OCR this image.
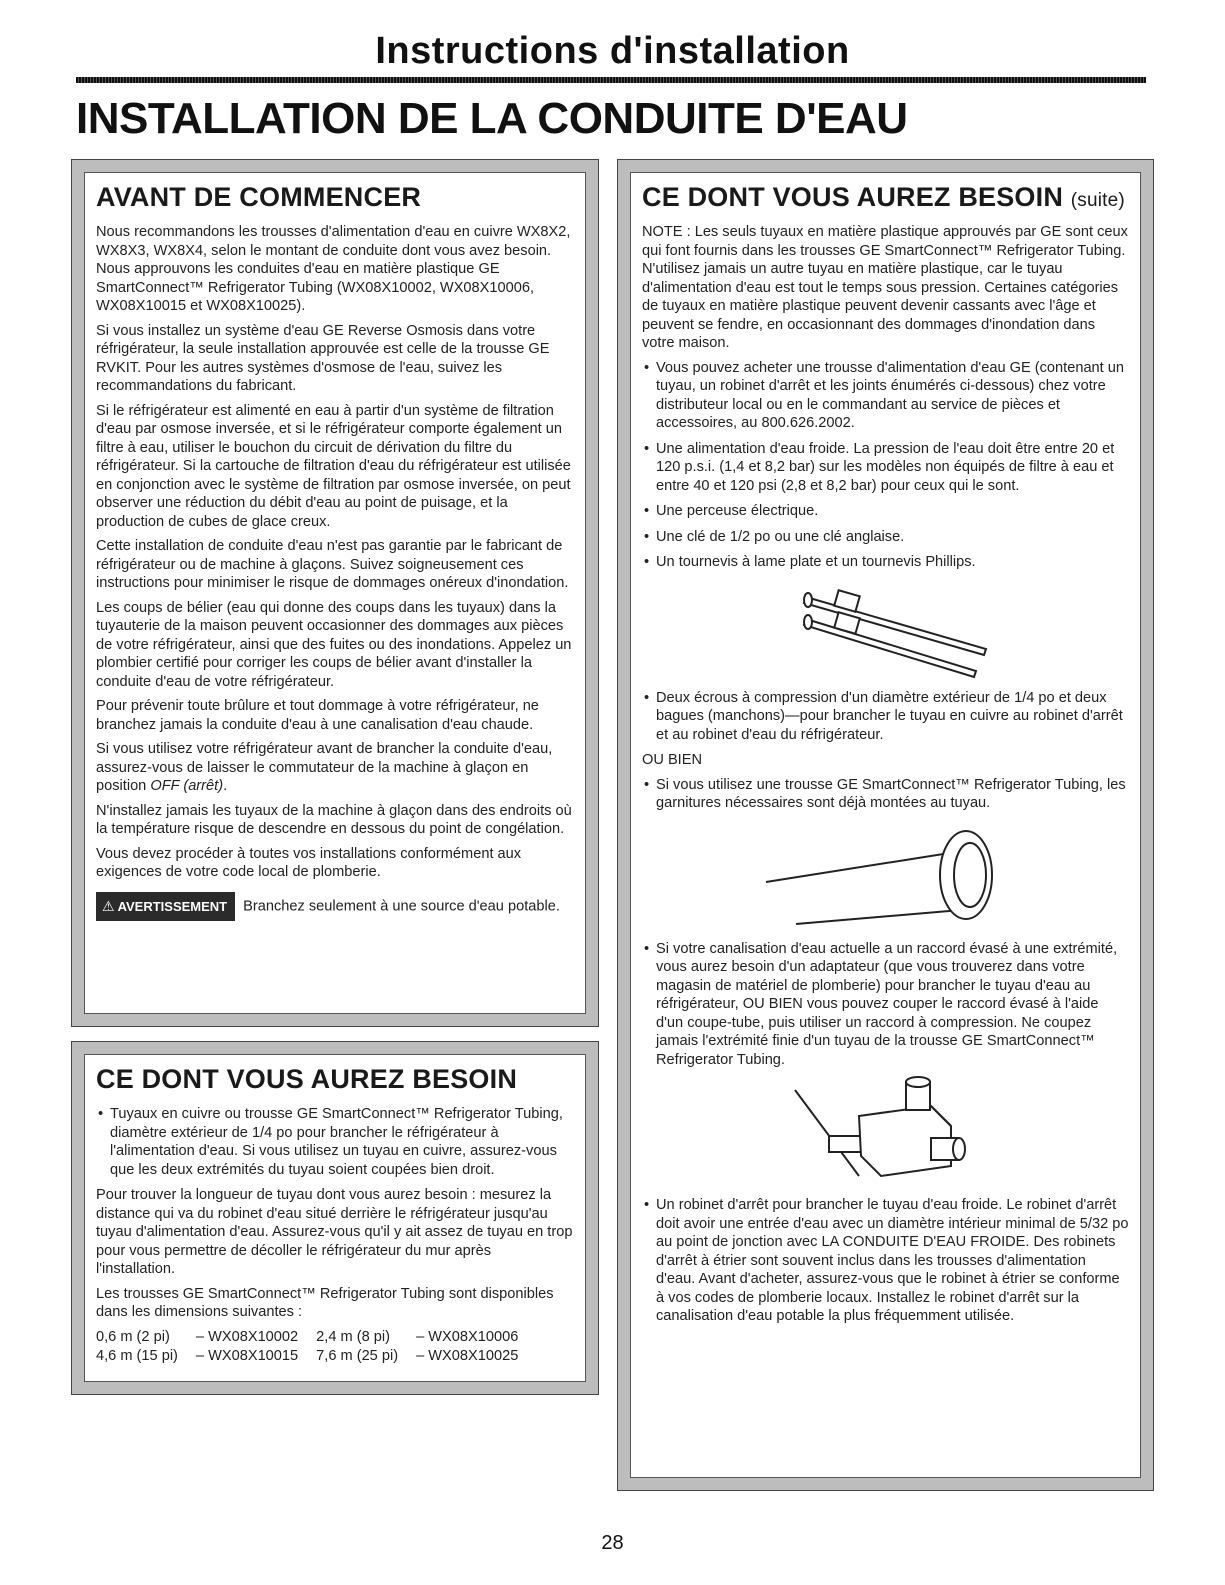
Instructions d'installation
INSTALLATION DE LA CONDUITE D'EAU
AVANT DE COMMENCER

Nous recommandons les trousses d'alimentation d'eau en cuivre WX8X2, WX8X3, WX8X4, selon le montant de conduite dont vous avez besoin. Nous approuvons les conduites d'eau en matière plastique GE SmartConnect™ Refrigerator Tubing (WX08X10002, WX08X10006, WX08X10015 et WX08X10025).

Si vous installez un système d'eau GE Reverse Osmosis dans votre réfrigérateur, la seule installation approuvée est celle de la trousse GE RVKIT. Pour les autres systèmes d'osmose de l'eau, suivez les recommandations du fabricant.

Si le réfrigérateur est alimenté en eau à partir d'un système de filtration d'eau par osmose inversée, et si le réfrigérateur comporte également un filtre à eau, utiliser le bouchon du circuit de dérivation du filtre du réfrigérateur. Si la cartouche de filtration d'eau du réfrigérateur est utilisée en conjonction avec le système de filtration par osmose inversée, on peut observer une réduction du débit d'eau au point de puisage, et la production de cubes de glace creux.

Cette installation de conduite d'eau n'est pas garantie par le fabricant de réfrigérateur ou de machine à glaçons. Suivez soigneusement ces instructions pour minimiser le risque de dommages onéreux d'inondation.

Les coups de bélier (eau qui donne des coups dans les tuyaux) dans la tuyauterie de la maison peuvent occasionner des dommages aux pièces de votre réfrigérateur, ainsi que des fuites ou des inondations. Appelez un plombier certifié pour corriger les coups de bélier avant d'installer la conduite d'eau de votre réfrigérateur.

Pour prévenir toute brûlure et tout dommage à votre réfrigérateur, ne branchez jamais la conduite d'eau à une canalisation d'eau chaude.

Si vous utilisez votre réfrigérateur avant de brancher la conduite d'eau, assurez-vous de laisser le commutateur de la machine à glaçon en position OFF (arrêt).

N'installez jamais les tuyaux de la machine à glaçon dans des endroits où la température risque de descendre en dessous du point de congélation.

Vous devez procéder à toutes vos installations conformément aux exigences de votre code local de plomberie.

⚠ AVERTISSEMENT Branchez seulement à une source d'eau potable.
CE DONT VOUS AUREZ BESOIN
• Tuyaux en cuivre ou trousse GE SmartConnect™ Refrigerator Tubing, diamètre extérieur de 1/4 po pour brancher le réfrigérateur à l'alimentation d'eau. Si vous utilisez un tuyau en cuivre, assurez-vous que les deux extrémités du tuyau soient coupées bien droit.

Pour trouver la longueur de tuyau dont vous aurez besoin : mesurez la distance qui va du robinet d'eau situé derrière le réfrigérateur jusqu'au tuyau d'alimentation d'eau. Assurez-vous qu'il y ait assez de tuyau en trop pour vous permettre de décoller le réfrigérateur du mur après l'installation.

Les trousses GE SmartConnect™ Refrigerator Tubing sont disponibles dans les dimensions suivantes :

0,6 m (2 pi)	– WX08X10002	2,4 m (8 pi)	– WX08X10006
4,6 m (15 pi)	– WX08X10015	7,6 m (25 pi)	– WX08X10025
CE DONT VOUS AUREZ BESOIN (suite)

NOTE : Les seuls tuyaux en matière plastique approuvés par GE sont ceux qui font fournis dans les trousses GE SmartConnect™ Refrigerator Tubing. N'utilisez jamais un autre tuyau en matière plastique, car le tuyau d'alimentation d'eau est tout le temps sous pression. Certaines catégories de tuyaux en matière plastique peuvent devenir cassants avec l'âge et peuvent se fendre, en occasionnant des dommages d'inondation dans votre maison.

• Vous pouvez acheter une trousse d'alimentation d'eau GE (contenant un tuyau, un robinet d'arrêt et les joints énumérés ci-dessous) chez votre distributeur local ou en le commandant au service de pièces et accessoires, au 800.626.2002.
• Une alimentation d'eau froide. La pression de l'eau doit être entre 20 et 120 p.s.i. (1,4 et 8,2 bar) sur les modèles non équipés de filtre à eau et entre 40 et 120 psi (2,8 et 8,2 bar) pour ceux qui le sont.
• Une perceuse électrique.
• Une clé de 1/2 po ou une clé anglaise.
• Un tournevis à lame plate et un tournevis Phillips.
• Deux écrous à compression d'un diamètre extérieur de 1/4 po et deux bagues (manchons)—pour brancher le tuyau en cuivre au robinet d'arrêt et au robinet d'eau du réfrigérateur.

OU BIEN

• Si vous utilisez une trousse GE SmartConnect™ Refrigerator Tubing, les garnitures nécessaires sont déjà montées au tuyau.
• Si votre canalisation d'eau actuelle a un raccord évasé à une extrémité, vous aurez besoin d'un adaptateur (que vous trouverez dans votre magasin de matériel de plomberie) pour brancher le tuyau d'eau au réfrigérateur, OU BIEN vous pouvez couper le raccord évasé à l'aide d'un coupe-tube, puis utiliser un raccord à compression. Ne coupez jamais l'extrémité finie d'un tuyau de la trousse GE SmartConnect™ Refrigerator Tubing.
• Un robinet d'arrêt pour brancher le tuyau d'eau froide. Le robinet d'arrêt doit avoir une entrée d'eau avec un diamètre intérieur minimal de 5/32 po au point de jonction avec LA CONDUITE D'EAU FROIDE. Des robinets d'arrêt à étrier sont souvent inclus dans les trousses d'alimentation d'eau. Avant d'acheter, assurez-vous que le robinet à étrier se conforme à vos codes de plomberie locaux. Installez le robinet d'arrêt sur la canalisation d'eau potable la plus fréquemment utilisée.
28
